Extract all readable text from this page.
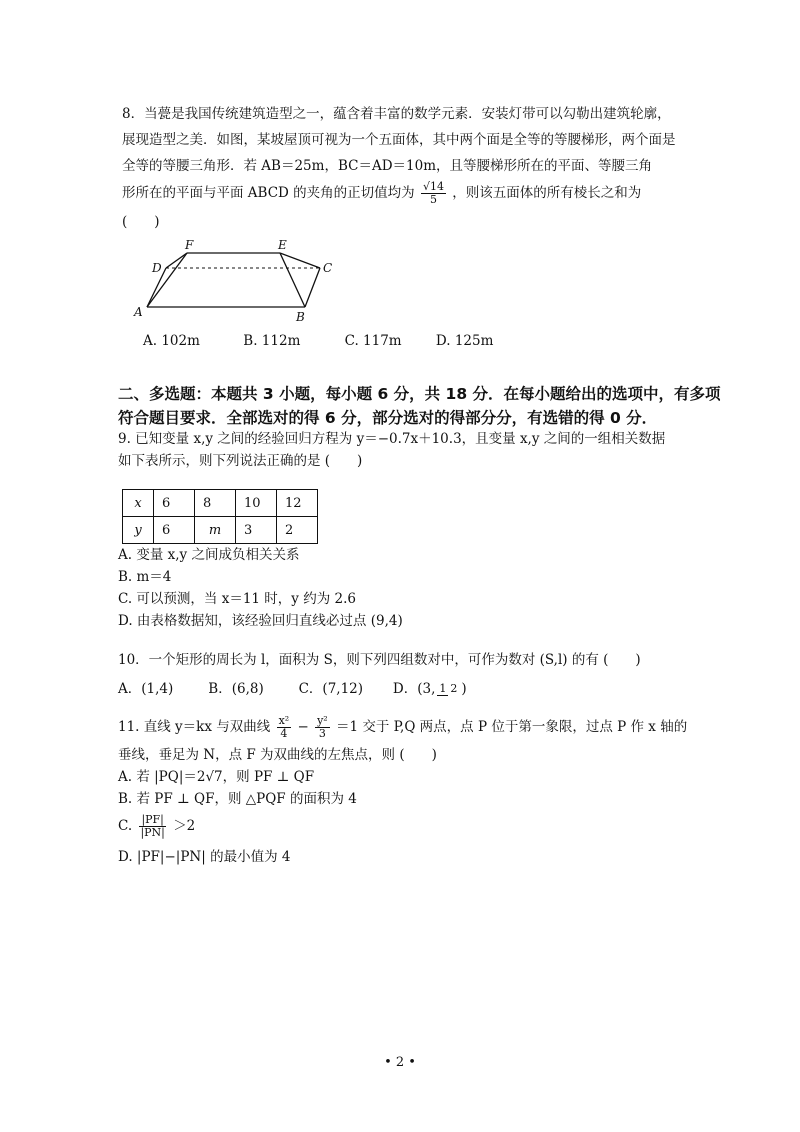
8．当甍是我国传统建筑造型之一，蕴含着丰富的数学元素．安装灯带可以勾勒出建筑轮廓，
展现造型之美．如图，某坡屋顶可视为一个五面体，其中两个面是全等的等腰梯形，两个面是
全等的等腰三角形．若 AB＝25m，BC＝AD＝10m，且等腰梯形所在的平面、等腰三角
形所在的平面与平面 ABCD 的夹角的正切值均为 $\frac{√14}{5}$ ，则该五面体的所有棱长之和为
(　　)
A	B
C
D
E
F
A. 102m	B. 112m	C. 117m	D. 125m
二、多选题：本题共 3 小题，每小题 6 分，共 18 分．在每小题给出的选项中，有多项
符合题目要求．全部选对的得 6 分，部分选对的得部分分，有选错的得 0 分．
9. 已知变量 x,y 之间的经验回归方程为 y＝−0.7x＋10.3，且变量 x,y 之间的一组相关数据
如下表所示，则下列说法正确的是 (　　)
x	6	8	10	12
y	6	m	3	2
A. 变量 x,y 之间成负相关关系
B. m＝4
C. 可以预测，当 x＝11 时，y 约为 2.6
D. 由表格数据知，该经验回归直线必过点 (9,4)
10．一个矩形的周长为 l，面积为 S，则下列四组数对中，可作为数对 (S,l) 的有 (　　)
A．(1,4)	B．(6,8)	C．(7,12) D．(3, 1 2 )
11. 直线 y＝kx 与双曲线 $\frac{\text{x²}}{4} - \frac{\text{y²}}{3} =1$ 交于 P,Q 两点，点 P 位于第一象限，过点 P 作 x 轴的
垂线，垂足为 N，点 F 为双曲线的左焦点，则 (　　)
A. 若 |PQ|＝2√7，则 PF ⊥ QF
B. 若 PF ⊥ QF，则 △PQF 的面积为 4
C. $\frac{|PF|}{|PN|} >2$
D. |PF|−|PN| 的最小值为 4
• 2 •
